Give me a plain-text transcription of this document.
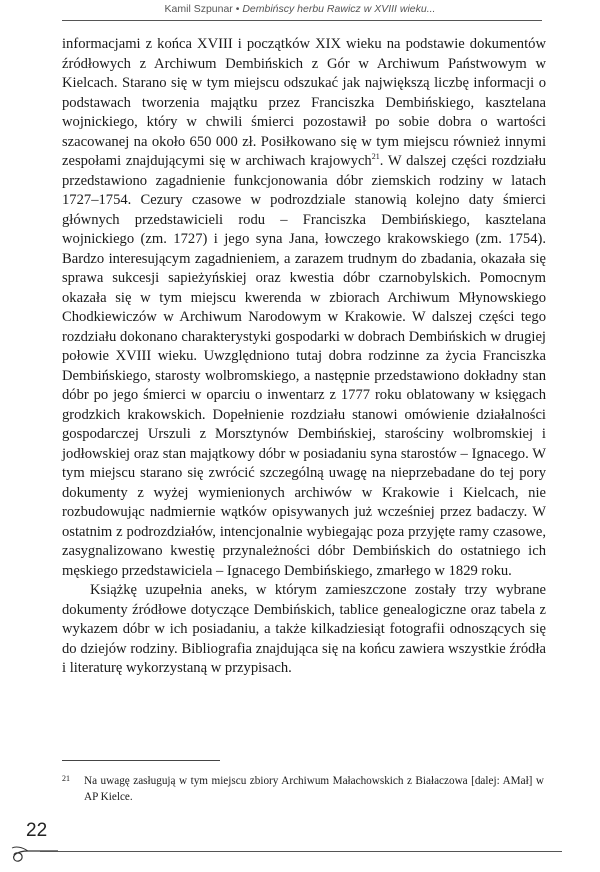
Kamil Szpunar • Dembińscy herbu Rawicz w XVIII wieku...

informacjami z końca XVIII i początków XIX wieku na podstawie dokumentów źródłowych z Archiwum Dembińskich z Gór w Archiwum Państwowym w Kielcach. Starano się w tym miejscu odszukać jak największą liczbę informacji o podstawach tworzenia majątku przez Franciszka Dembińskiego, kasztelana wojnickiego, który w chwili śmierci pozostawił po sobie dobra o wartości szacowanej na około 650 000 zł. Posiłkowano się w tym miejscu również innymi zespołami znajdującymi się w archiwach krajowych$^{21}$. W dalszej części rozdziału przedstawiono zagadnienie funkcjonowania dóbr ziemskich rodziny w latach 1727–1754. Cezury czasowe w podrozdziale stanowią kolejno daty śmierci głównych przedstawicieli rodu – Franciszka Dembińskiego, kasztelana wojnickiego (zm. 1727) i jego syna Jana, łowczego krakowskiego (zm. 1754). Bardzo interesującym zagadnieniem, a zarazem trudnym do zbadania, okazała się sprawa sukcesji sapieżyńskiej oraz kwestia dóbr czarnobylskich. Pomocnym okazała się w tym miejscu kwerenda w zbiorach Archiwum Młynowskiego Chodkiewiczów w Archiwum Narodowym w Krakowie. W dalszej części tego rozdziału dokonano charakterystyki gospodarki w dobrach Dembińskich w drugiej połowie XVIII wieku. Uwzględniono tutaj dobra rodzinne za życia Franciszka Dembińskiego, starosty wolbromskiego, a następnie przedstawiono dokładny stan dóbr po jego śmierci w oparciu o inwentarz z 1777 roku oblatowany w księgach grodzkich krakowskich. Dopełnienie rozdziału stanowi omówienie działalności gospodarczej Urszuli z Morsztynów Dembińskiej, starościny wolbromskiej i jodłowskiej oraz stan majątkowy dóbr w posiadaniu syna starostów – Ignacego. W tym miejscu starano się zwrócić szczególną uwagę na nieprzebadane do tej pory dokumenty z wyżej wymienionych archiwów w Krakowie i Kielcach, nie rozbudowując nadmiernie wątków opisywanych już wcześniej przez badaczy. W ostatnim z podrozdziałów, intencjonalnie wybiegając poza przyjęte ramy czasowe, zasygnalizowano kwestię przynależności dóbr Dembińskich do ostatniego ich męskiego przedstawiciela – Ignacego Dembińskiego, zmarłego w 1829 roku.

Książkę uzupełnia aneks, w którym zamieszczone zostały trzy wybrane dokumenty źródłowe dotyczące Dembińskich, tablice genealogiczne oraz tabela z wykazem dóbr w ich posiadaniu, a także kilkadziesiąt fotografii odnoszących się do dziejów rodziny. Bibliografia znajdująca się na końcu zawiera wszystkie źródła i literaturę wykorzystaną w przypisach.

21 Na uwagę zasługują w tym miejscu zbiory Archiwum Małachowskich z Białaczowa [dalej: AMał] w AP Kielce.
22
